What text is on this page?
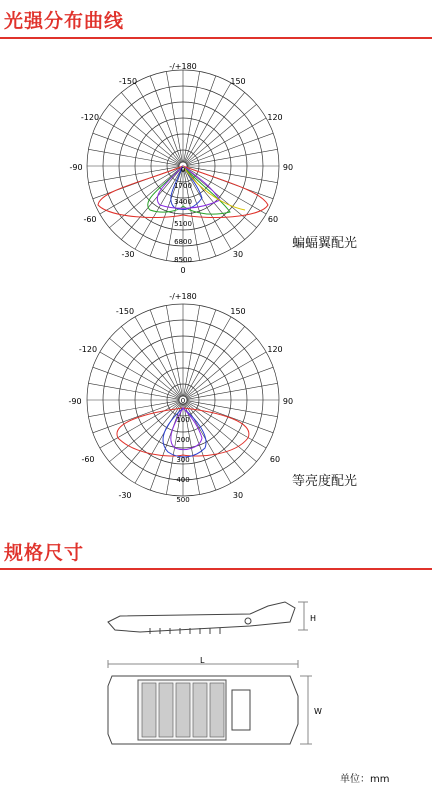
光强分布曲线
-/+180
-150	150
-120	120
-90	90
-60	60
-30	30
0
0
1700
3400
5100
6800
8500
蝙蝠翼配光
-/+180
-150	150
-120	120
-90	90
-60	60
-30	30
0
100
200
300
400
500
等亮度配光
规格尺寸
H
L
W
单位：mm
